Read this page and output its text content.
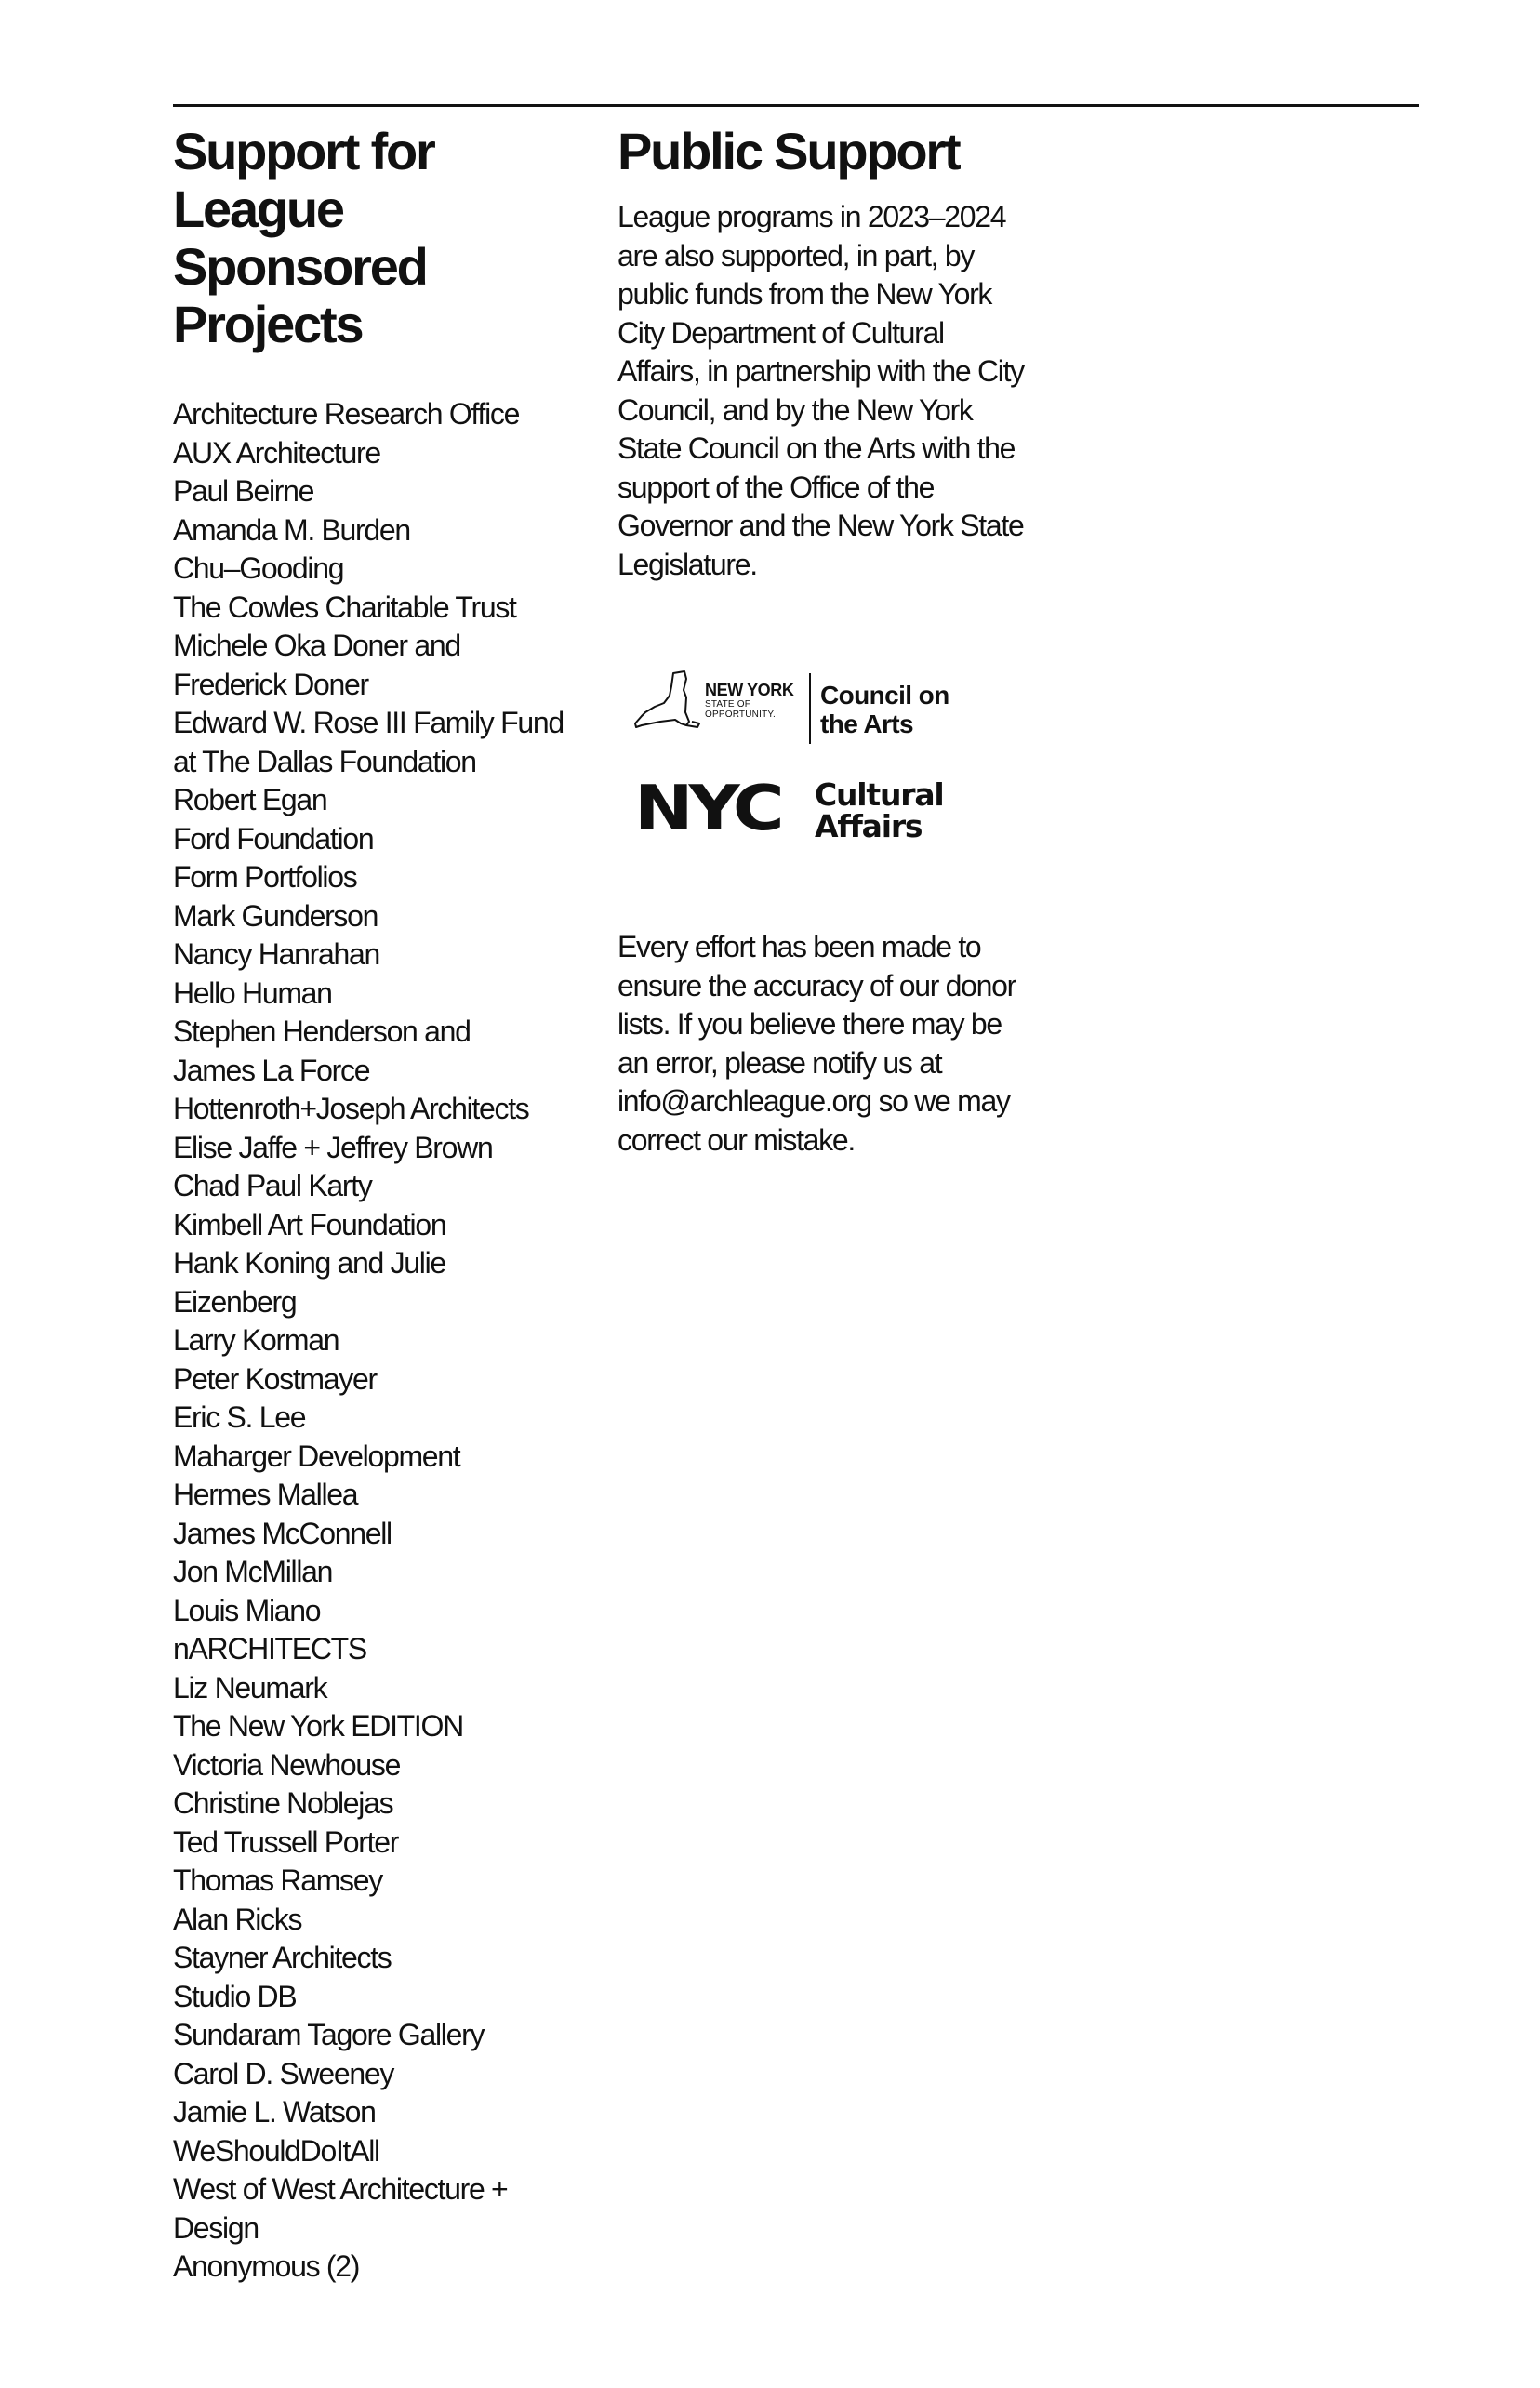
Support for League Sponsored Projects
Architecture Research Office
AUX Architecture
Paul Beirne
Amanda M. Burden
Chu–Gooding
The Cowles Charitable Trust
Michele Oka Doner and
Frederick Doner
Edward W. Rose III Family Fund
at The Dallas Foundation
Robert Egan
Ford Foundation
Form Portfolios
Mark Gunderson
Nancy Hanrahan
Hello Human
Stephen Henderson and
James La Force
Hottenroth+Joseph Architects
Elise Jaffe + Jeffrey Brown
Chad Paul Karty
Kimbell Art Foundation
Hank Koning and Julie
Eizenberg
Larry Korman
Peter Kostmayer
Eric S. Lee
Maharger Development
Hermes Mallea
James McConnell
Jon McMillan
Louis Miano
nARCHITECTS
Liz Neumark
The New York EDITION
Victoria Newhouse
Christine Noblejas
Ted Trussell Porter
Thomas Ramsey
Alan Ricks
Stayner Architects
Studio DB
Sundaram Tagore Gallery
Carol D. Sweeney
Jamie L. Watson
WeShouldDoItAll
West of West Architecture +
Design
Anonymous (2)
Public Support

League programs in 2023–2024 are also supported, in part, by public funds from the New York City Department of Cultural Affairs, in partnership with the City Council, and by the New York State Council on the Arts with the support of the Office of the Governor and the New York State Legislature.

NEW YORK
STATE OF OPPORTUNITY.
Council on the Arts
NYC Cultural Affairs

Every effort has been made to ensure the accuracy of our donor lists. If you believe there may be an error, please notify us at info@archleague.org so we may correct our mistake.
